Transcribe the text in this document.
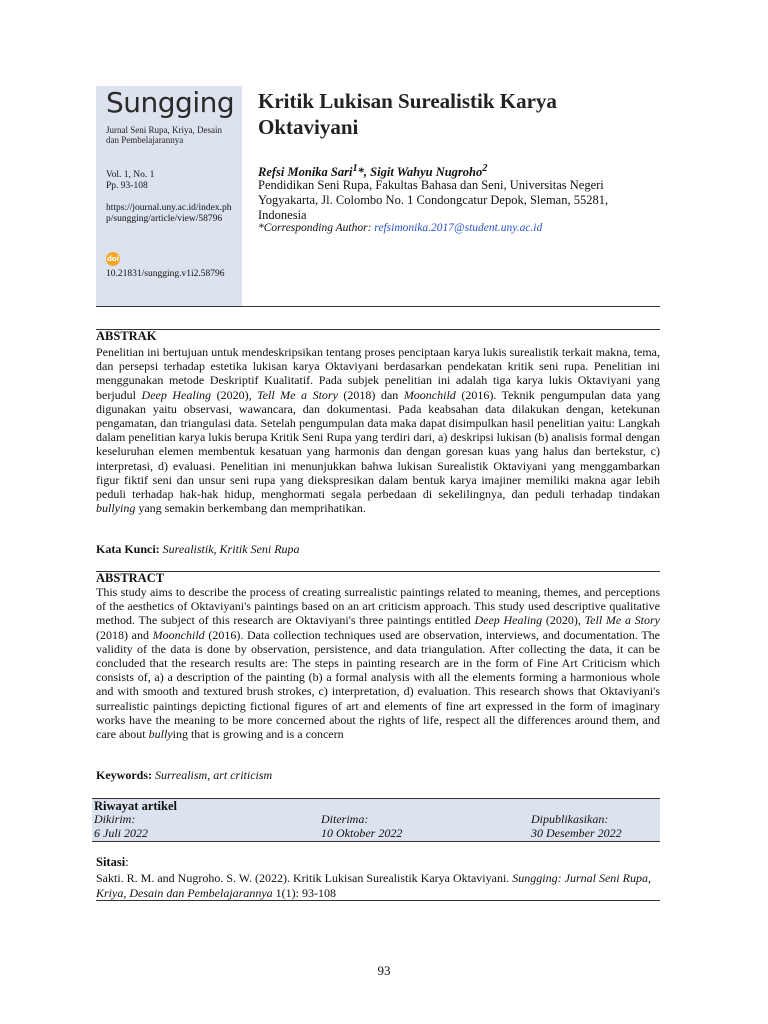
Sungging
Jurnal Seni Rupa, Kriya, Desain dan Pembelajarannya
Vol. 1, No. 1
Pp. 93-108
https://journal.uny.ac.id/index.php/sungging/article/view/58796
doi
10.21831/sungging.v1i2.58796
Kritik Lukisan Surealistik Karya Oktaviyani
Refsi Monika Sari$^1$*, Sigit Wahyu Nugroho$^2$
Pendidikan Seni Rupa, Fakultas Bahasa dan Seni, Universitas Negeri Yogyakarta, Jl. Colombo No. 1 Condongcatur Depok, Sleman, 55281, Indonesia
*Corresponding Author: refsimonika.2017@student.uny.ac.id
ABSTRAK
Penelitian ini bertujuan untuk mendeskripsikan tentang proses penciptaan karya lukis surealistik terkait makna, tema, dan persepsi terhadap estetika lukisan karya Oktaviyani berdasarkan pendekatan kritik seni rupa. Penelitian ini menggunakan metode Deskriptif Kualitatif. Pada subjek penelitian ini adalah tiga karya lukis Oktaviyani yang berjudul Deep Healing (2020), Tell Me a Story (2018) dan Moonchild (2016). Teknik pengumpulan data yang digunakan yaitu observasi, wawancara, dan dokumentasi. Pada keabsahan data dilakukan dengan, ketekunan pengamatan, dan triangulasi data. Setelah pengumpulan data maka dapat disimpulkan hasil penelitian yaitu: Langkah dalam penelitian karya lukis berupa Kritik Seni Rupa yang terdiri dari, a) deskripsi lukisan (b) analisis formal dengan keseluruhan elemen membentuk kesatuan yang harmonis dan dengan goresan kuas yang halus dan bertekstur, c) interpretasi, d) evaluasi. Penelitian ini menunjukkan bahwa lukisan Surealistik Oktaviyani yang menggambarkan figur fiktif seni dan unsur seni rupa yang diekspresikan dalam bentuk karya imajiner memiliki makna agar lebih peduli terhadap hak-hak hidup, menghormati segala perbedaan di sekelilingnya, dan peduli terhadap tindakan bullying yang semakin berkembang dan memprihatikan.
Kata Kunci: Surealistik, Kritik Seni Rupa
ABSTRACT
This study aims to describe the process of creating surrealistic paintings related to meaning, themes, and perceptions of the aesthetics of Oktaviyani's paintings based on an art criticism approach. This study used descriptive qualitative method. The subject of this research are Oktaviyani's three paintings entitled Deep Healing (2020), Tell Me a Story (2018) and Moonchild (2016). Data collection techniques used are observation, interviews, and documentation. The validity of the data is done by observation, persistence, and data triangulation. After collecting the data, it can be concluded that the research results are: The steps in painting research are in the form of Fine Art Criticism which consists of, a) a description of the painting (b) a formal analysis with all the elements forming a harmonious whole and with smooth and textured brush strokes, c) interpretation, d) evaluation. This research shows that Oktaviyani's surrealistic paintings depicting fictional figures of art and elements of fine art expressed in the form of imaginary works have the meaning to be more concerned about the rights of life, respect all the differences around them, and care about bullying that is growing and is a concern
Keywords: Surrealism, art criticism
Riwayat artikel
Dikirim:
6 Juli 2022
Diterima:
10 Oktober 2022
Dipublikasikan:
30 Desember 2022
Sitasi:
Sakti. R. M. and Nugroho. S. W. (2022). Kritik Lukisan Surealistik Karya Oktaviyani. Sungging: Jurnal Seni Rupa, Kriya, Desain dan Pembelajarannya 1(1): 93-108
93
